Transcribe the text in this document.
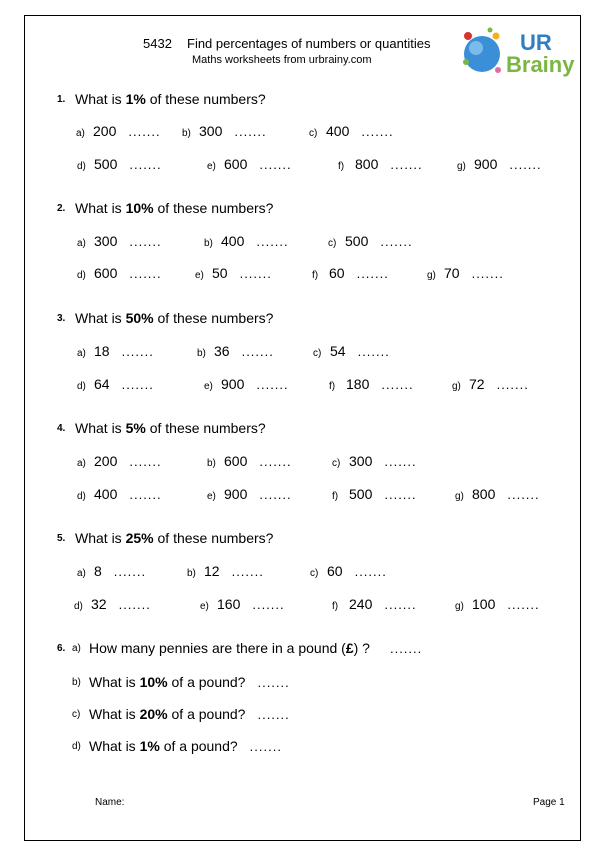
5432 Find percentages of numbers or quantities
Maths worksheets from urbrainy.com
UR
Brainy
1. What is 1% of these numbers?
a) 200 ....... b) 300 .......	c) 400 .......
d) 500 .......	e) 600 .......	f) 800 .......	g) 900 .......
2. What is 10% of these numbers?
a) 300 .......	b) 400 .......	c) 500 .......
d) 600 .......	e) 50 .......	f) 60 .......	g) 70 .......
3. What is 50% of these numbers?
a) 18 .......	b) 36 .......	c) 54 .......
d) 64 .......	e) 900 .......	f) 180 .......	g) 72 .......
4. What is 5% of these numbers?
a) 200 .......	b) 600 .......	c) 300 .......
d) 400 .......	e) 900 .......	f) 500 .......	g) 800 .......
5. What is 25% of these numbers?
a) 8 .......	b) 12 .......	c) 60 .......
d) 32 .......	e) 160 .......	f) 240 .......	g) 100 .......
6. a) How many pennies are there in a pound (£) ? .......
b) What is 10% of a pound? .......
c) What is 20% of a pound? .......
d) What is 1% of a pound? .......
Name:	Page 1
